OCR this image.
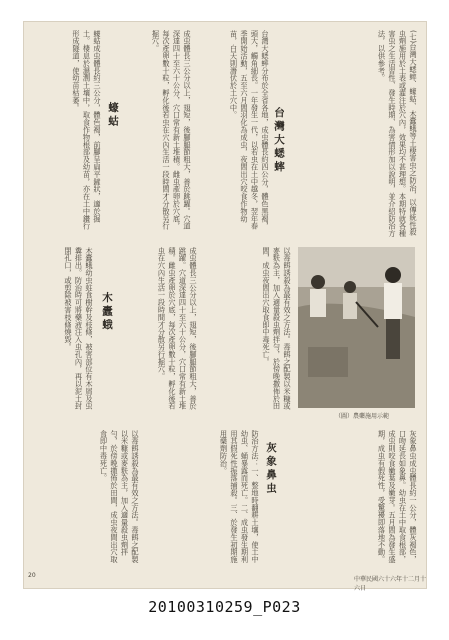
(七)台灣大蟋蟀、蠔蛄、木蠹蛾等土棲害虫之防治，以傳統性殺虫劑施用於土表或灌注於穴內，效果均不甚理想。本期特就各種害虫之生活習性、發生時期、為害情形加以說明，並介紹防治方法，以供參考。

台灣大蟋蟀

台灣大蟋蟀分布於全省各地，成虫體長約四公分，體色黑褐，頭大，觸角細長。一年發生一代，以若虫在土中越冬，翌年春季開始活動，五至六月間羽化為成虫，夜間出穴咬食作物幼苗，白天則潛伏於土穴中。

成虫體長三公分以上，翅短，後腳腿節粗大，善於跳躍。穴道深達四十至六十公分，穴口常有新土堆積。雌虫產卵於穴底，每次產卵數十粒，孵化後若虫在穴內生活一段時間才分散另行掘穴。

蠔蛄

蠔蛄成虫體長約三公分，體色褐，前腳呈扁平鏟狀，適於掘土。棲息於濕潤土壤中，取食作物根部及幼苗，亦在土中鑽行形成隧道，使幼苗枯萎。

（圖）農藥施用示範

以毒餌誘殺為最有效之方法。毒餌之配製以米糠或麥麩為主，加入適量殺虫劑拌勻，於傍晚撒佈於田間，成虫夜間出穴取食即中毒死亡。

木蠹蛾幼虫蛀食樹幹及枝條，被害部位有木屑及虫糞排出。防治時可將藥液注入虫孔內，再以泥土封閉孔口，或剪除被害枝條燒毀。	木蠹蛾	成虫體長三公分以上，翅短，後腳腿節粗大，善於跳躍。穴道深達四十至六十公分，穴口常有新土堆積。雌虫產卵於穴底，每次產卵數十粒，孵化後若虫在穴內生活一段時間才分散另行掘穴。

灰象鼻虫成虫體長約一公分，體灰褐色，口吻延長如象鼻。幼虫在土中取食根部，成虫則咬食嫩葉及嫩芽。五月間為發生盛期，成虫有假死性，受驚擾即落地不動。

灰象鼻虫

防治方法：一、整地時翻耕土壤，使土中幼虫、蛹暴露而死亡。二、成虫發生期利用其假死性振落捕殺。三、於發生初期施用藥劑防治。

以毒餌誘殺為最有效之方法。毒餌之配製以米糠或麥麩為主，加入適量殺虫劑拌勻，於傍晚撒佈於田間，成虫夜間出穴取食即中毒死亡。

20
中華民國六十六年十二月十六日
20100310259_P023
